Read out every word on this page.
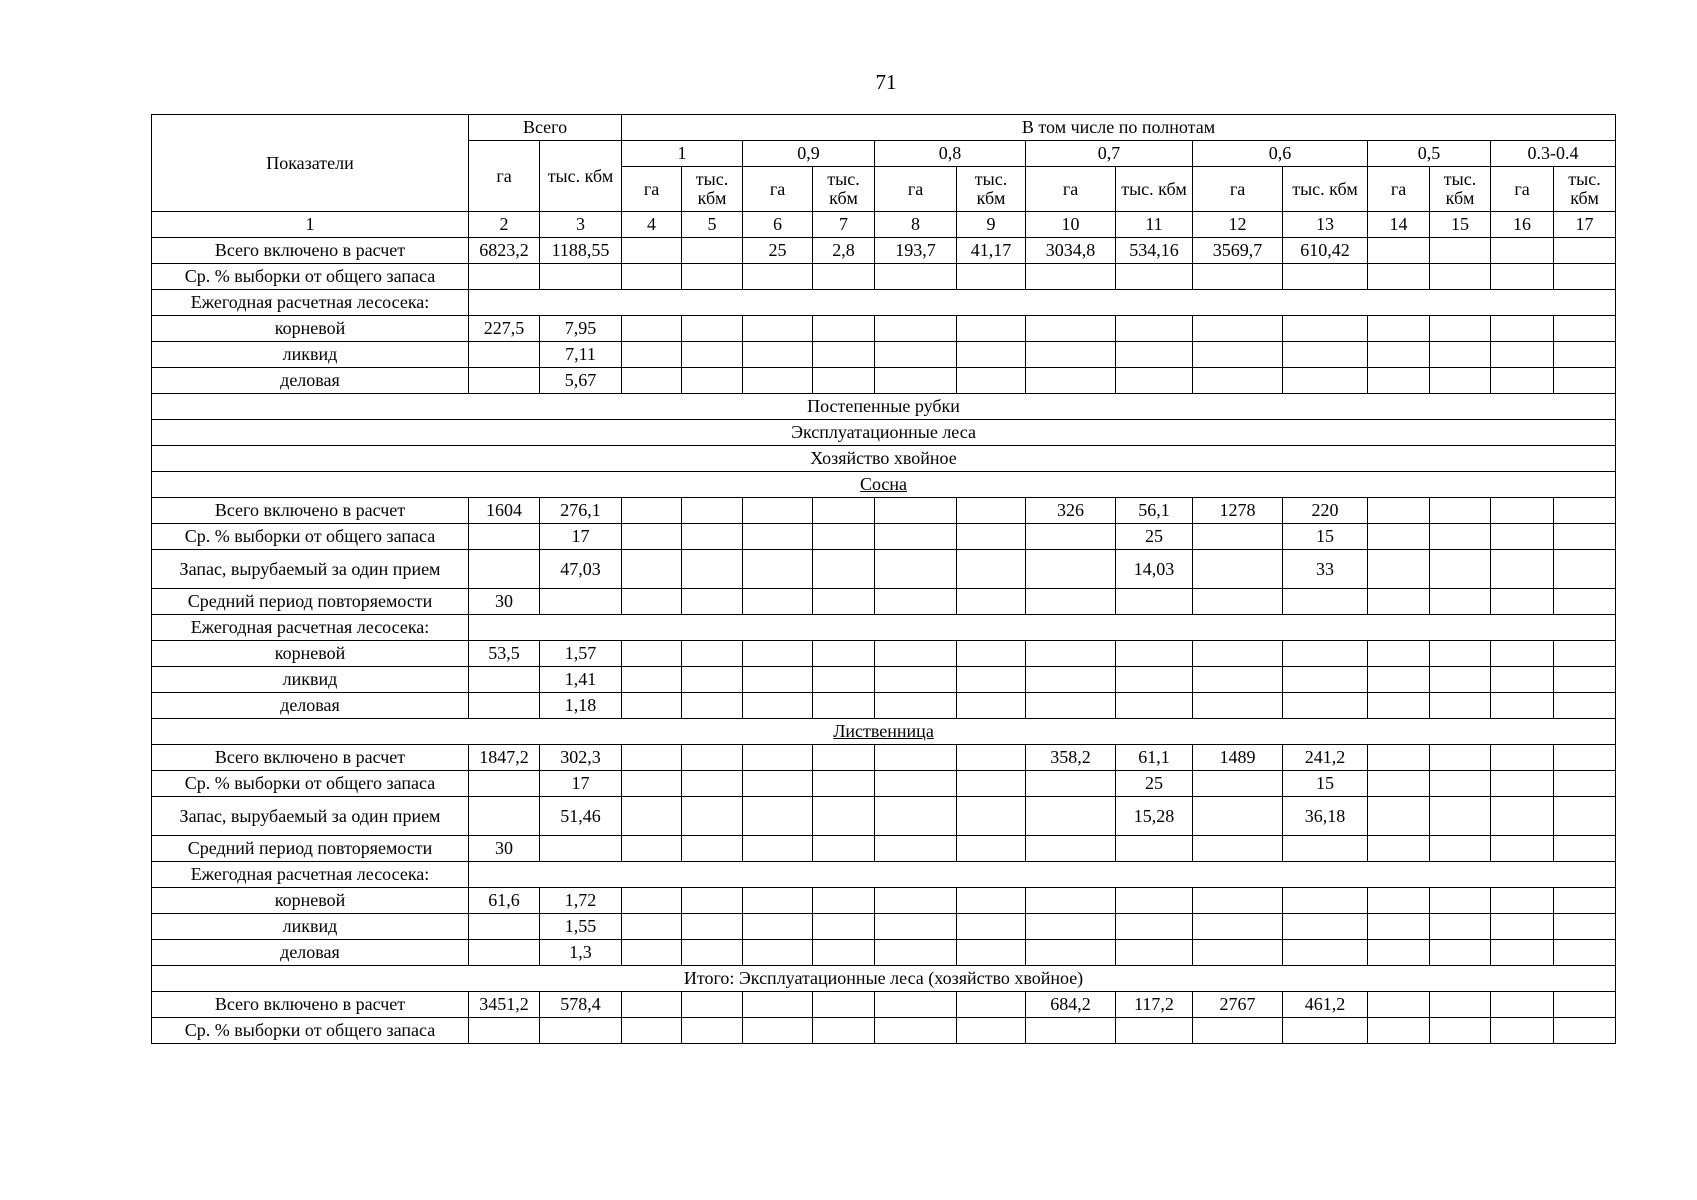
71
Показатели	Всего		В том числе по полнотам													
	га	тыс. кбм	1		0,9		0,8		0,7		0,6		0,5		0.3-0.4	
			га	тыс. кбм	га	тыс. кбм	га	тыс. кбм	га	тыс. кбм	га	тыс. кбм	га	тыс. кбм	га	тыс. кбм
1	2	3	4	5	6	7	8	9	10	11	12	13	14	15	16	17
Всего включено в расчет	6823,2	1188,55			25	2,8	193,7	41,17	3034,8	534,16	3569,7	610,42				
Ср. % выборки от общего запаса																
Ежегодная расчетная лесосека:																
корневой	227,5	7,95														
ликвид		7,11														
деловая		5,67														
Постепенные рубки																
Эксплуатационные леса																
Хозяйство хвойное																
Сосна																
Всего включено в расчет	1604	276,1							326	56,1	1278	220				
Ср. % выборки от общего запаса		17								25		15				
Запас, вырубаемый за один прием		47,03								14,03		33				
Средний период повторяемости	30															
Ежегодная расчетная лесосека:																
корневой	53,5	1,57														
ликвид		1,41														
деловая		1,18														
Лиственница																
Всего включено в расчет	1847,2	302,3							358,2	61,1	1489	241,2				
Ср. % выборки от общего запаса		17								25		15				
Запас, вырубаемый за один прием		51,46								15,28		36,18				
Средний период повторяемости	30															
Ежегодная расчетная лесосека:																
корневой	61,6	1,72														
ликвид		1,55														
деловая		1,3														
Итого: Эксплуатационные леса (хозяйство хвойное)																
Всего включено в расчет	3451,2	578,4							684,2	117,2	2767	461,2				
Ср. % выборки от общего запаса																
